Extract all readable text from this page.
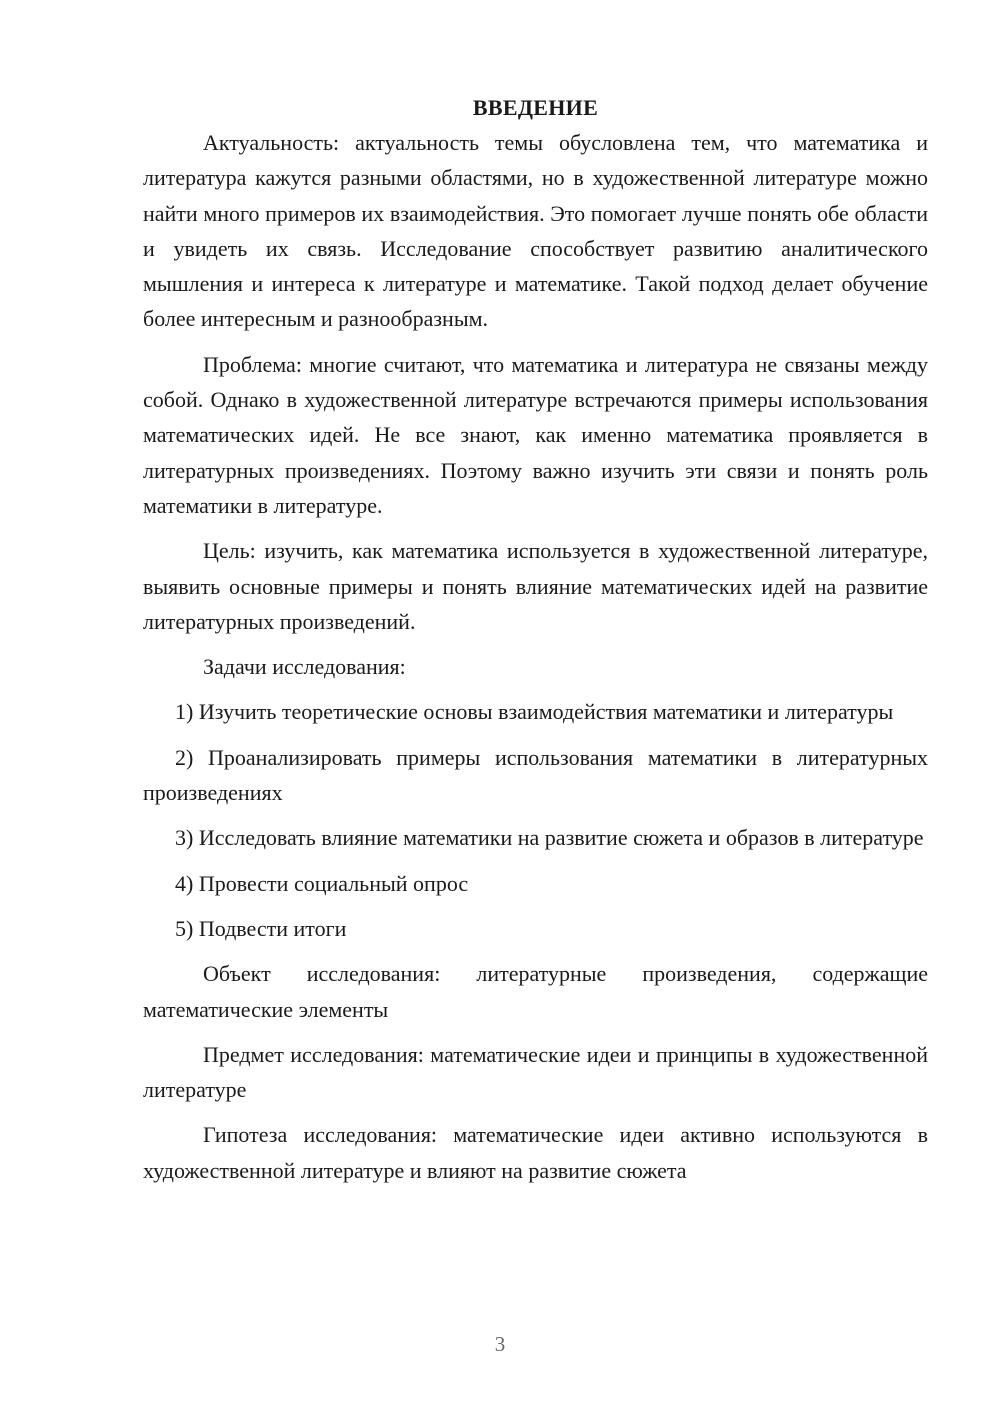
ВВЕДЕНИЕ

Актуальность: актуальность темы обусловлена тем, что математика и литература кажутся разными областями, но в художественной литературе можно найти много примеров их взаимодействия. Это помогает лучше понять обе области и увидеть их связь. Исследование способствует развитию аналитического мышления и интереса к литературе и математике. Такой подход делает обучение более интересным и разнообразным.

Проблема: многие считают, что математика и литература не связаны между собой. Однако в художественной литературе встречаются примеры использования математических идей. Не все знают, как именно математика проявляется в литературных произведениях. Поэтому важно изучить эти связи и понять роль математики в литературе.

Цель: изучить, как математика используется в художественной литературе, выявить основные примеры и понять влияние математических идей на развитие литературных произведений.

Задачи исследования:

1) Изучить теоретические основы взаимодействия математики и литературы

2) Проанализировать примеры использования математики в литературных произведениях

3) Исследовать влияние математики на развитие сюжета и образов в литературе

4) Провести социальный опрос

5) Подвести итоги

Объект исследования: литературные произведения, содержащие математические элементы

Предмет исследования: математические идеи и принципы в художественной литературе

Гипотеза исследования: математические идеи активно используются в художественной литературе и влияют на развитие сюжета

3
